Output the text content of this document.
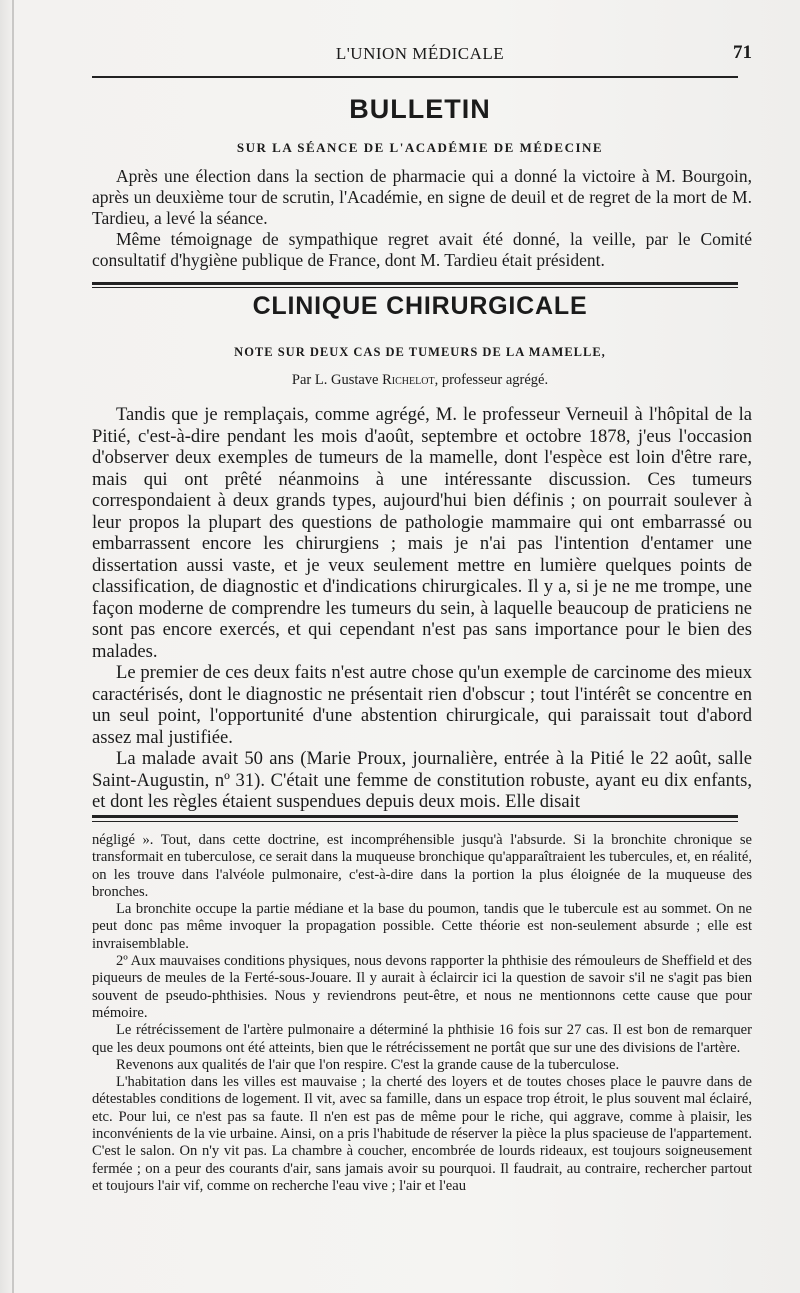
L'UNION MÉDICALE	71
BULLETIN
SUR LA SÉANCE DE L'ACADÉMIE DE MÉDECINE

Après une élection dans la section de pharmacie qui a donné la victoire à M. Bourgoin, après un deuxième tour de scrutin, l'Académie, en signe de deuil et de regret de la mort de M. Tardieu, a levé la séance.

Même témoignage de sympathique regret avait été donné, la veille, par le Comité consultatif d'hygiène publique de France, dont M. Tardieu était président.

CLINIQUE CHIRURGICALE
NOTE SUR DEUX CAS DE TUMEURS DE LA MAMELLE,
Par L. Gustave Richelot, professeur agrégé.

Tandis que je remplaçais, comme agrégé, M. le professeur Verneuil à l'hôpital de la Pitié, c'est-à-dire pendant les mois d'août, septembre et octobre 1878, j'eus l'occasion d'observer deux exemples de tumeurs de la mamelle, dont l'espèce est loin d'être rare, mais qui ont prêté néanmoins à une intéressante discussion. Ces tumeurs correspondaient à deux grands types, aujourd'hui bien définis ; on pourrait soulever à leur propos la plupart des questions de pathologie mammaire qui ont embarrassé ou embarrassent encore les chirurgiens ; mais je n'ai pas l'intention d'entamer une dissertation aussi vaste, et je veux seulement mettre en lumière quelques points de classification, de diagnostic et d'indications chirurgicales. Il y a, si je ne me trompe, une façon moderne de comprendre les tumeurs du sein, à laquelle beaucoup de praticiens ne sont pas encore exercés, et qui cependant n'est pas sans importance pour le bien des malades.

Le premier de ces deux faits n'est autre chose qu'un exemple de carcinome des mieux caractérisés, dont le diagnostic ne présentait rien d'obscur ; tout l'intérêt se concentre en un seul point, l'opportunité d'une abstention chirurgicale, qui paraissait tout d'abord assez mal justifiée.

La malade avait 50 ans (Marie Proux, journalière, entrée à la Pitié le 22 août, salle Saint-Augustin, nº 31). C'était une femme de constitution robuste, ayant eu dix enfants, et dont les règles étaient suspendues depuis deux mois. Elle disait

négligé ». Tout, dans cette doctrine, est incompréhensible jusqu'à l'absurde. Si la bronchite chronique se transformait en tuberculose, ce serait dans la muqueuse bronchique qu'apparaîtraient les tubercules, et, en réalité, on les trouve dans l'alvéole pulmonaire, c'est-à-dire dans la portion la plus éloignée de la muqueuse des bronches.

La bronchite occupe la partie médiane et la base du poumon, tandis que le tubercule est au sommet. On ne peut donc pas même invoquer la propagation possible. Cette théorie est non-seulement absurde ; elle est invraisemblable.

2º Aux mauvaises conditions physiques, nous devons rapporter la phthisie des rémouleurs de Sheffield et des piqueurs de meules de la Ferté-sous-Jouare. Il y aurait à éclaircir ici la question de savoir s'il ne s'agit pas bien souvent de pseudo-phthisies. Nous y reviendrons peut-être, et nous ne mentionnons cette cause que pour mémoire.

Le rétrécissement de l'artère pulmonaire a déterminé la phthisie 16 fois sur 27 cas. Il est bon de remarquer que les deux poumons ont été atteints, bien que le rétrécissement ne portât que sur une des divisions de l'artère.

Revenons aux qualités de l'air que l'on respire. C'est la grande cause de la tuberculose.

L'habitation dans les villes est mauvaise ; la cherté des loyers et de toutes choses place le pauvre dans de détestables conditions de logement. Il vit, avec sa famille, dans un espace trop étroit, le plus souvent mal éclairé, etc. Pour lui, ce n'est pas sa faute. Il n'en est pas de même pour le riche, qui aggrave, comme à plaisir, les inconvénients de la vie urbaine. Ainsi, on a pris l'habitude de réserver la pièce la plus spacieuse de l'appartement. C'est le salon. On n'y vit pas. La chambre à coucher, encombrée de lourds rideaux, est toujours soigneusement fermée ; on a peur des courants d'air, sans jamais avoir su pourquoi. Il faudrait, au contraire, rechercher partout et toujours l'air vif, comme on recherche l'eau vive ; l'air et l'eau
